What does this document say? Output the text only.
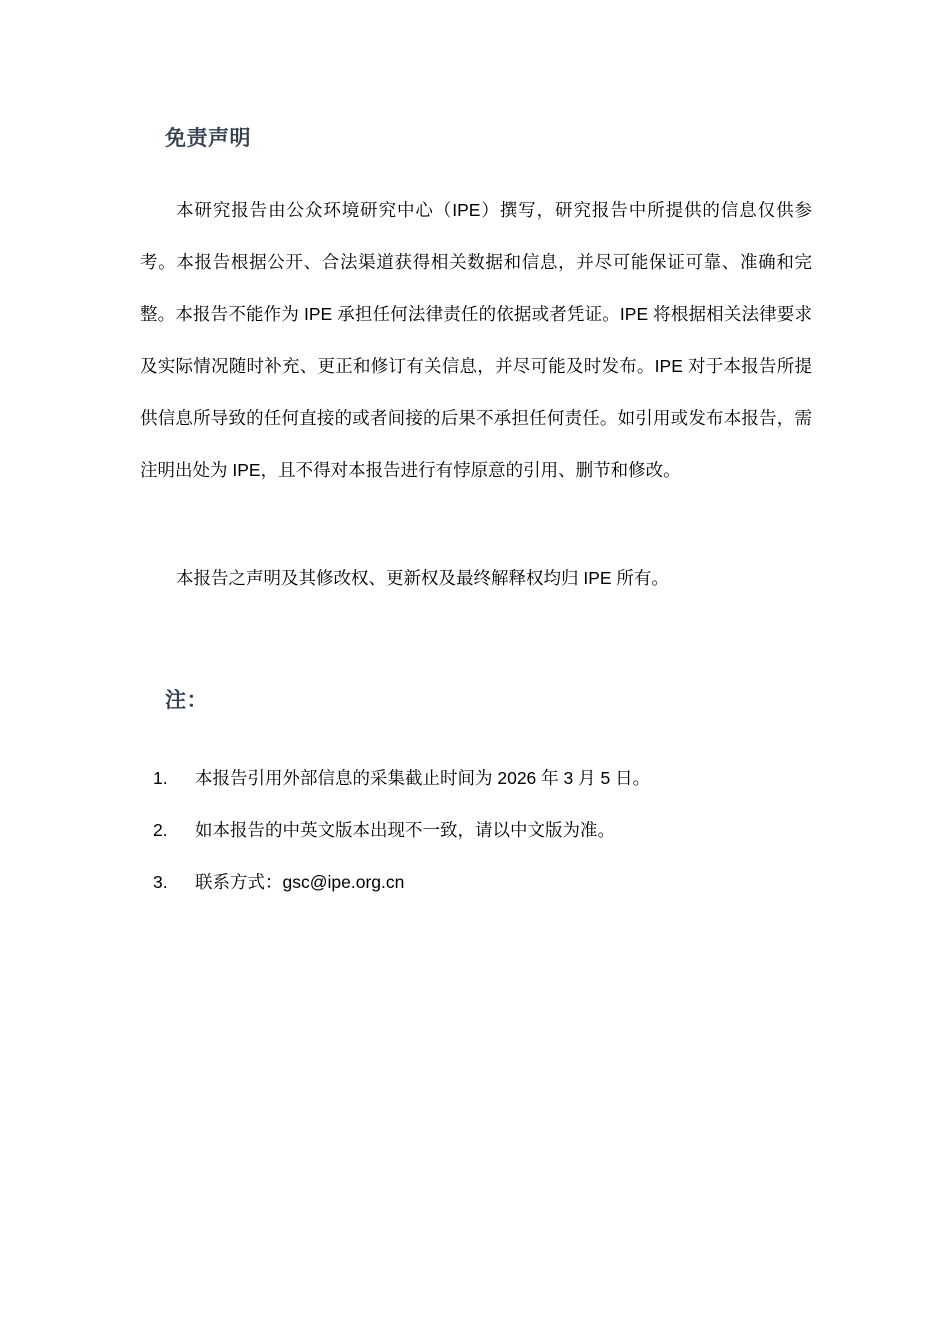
免责声明
本研究报告由公众环境研究中心（IPE）撰写，研究报告中所提供的信息仅供参考。本报告根据公开、合法渠道获得相关数据和信息，并尽可能保证可靠、准确和完整。本报告不能作为 IPE 承担任何法律责任的依据或者凭证。IPE 将根据相关法律要求及实际情况随时补充、更正和修订有关信息，并尽可能及时发布。IPE 对于本报告所提供信息所导致的任何直接的或者间接的后果不承担任何责任。如引用或发布本报告，需注明出处为 IPE，且不得对本报告进行有悖原意的引用、删节和修改。
本报告之声明及其修改权、更新权及最终解释权均归 IPE 所有。
注：
1.	本报告引用外部信息的采集截止时间为 2026 年 3 月 5 日。
2.	如本报告的中英文版本出现不一致，请以中文版为准。
3.	联系方式：gsc@ipe.org.cn
